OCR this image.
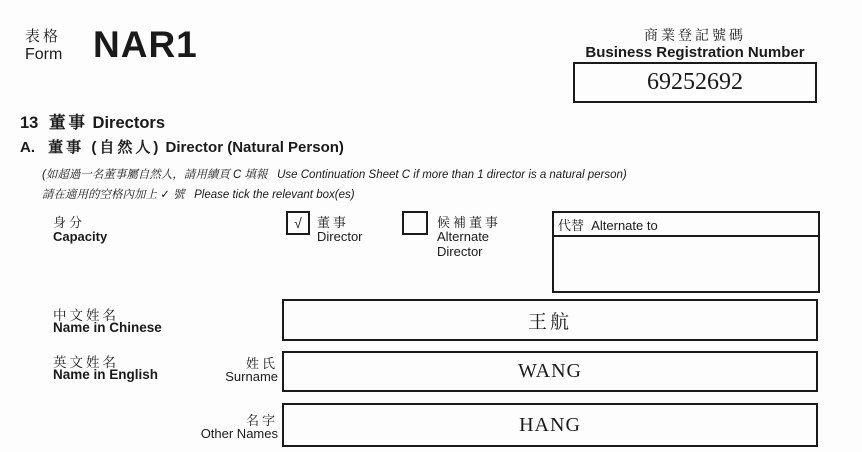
表格
Form NAR1	商業登記號碼
Business Registration Number
69252692
13 董事 Directors
A. 董事 (自然人) Director (Natural Person)
(如超過一名董事屬自然人，請用續頁 C 填報   Use Continuation Sheet C if more than 1 director is a natural person)
請在適用的空格內加上 ✓ 號   Please tick the relevant box(es)
身分
Capacity
√ 董事
Director
候補董事
Alternate
Director
代替  Alternate to
中文姓名
Name in Chinese	王航
英文姓名
Name in English
姓氏
Surname	WANG
名字
Other Names	HANG
